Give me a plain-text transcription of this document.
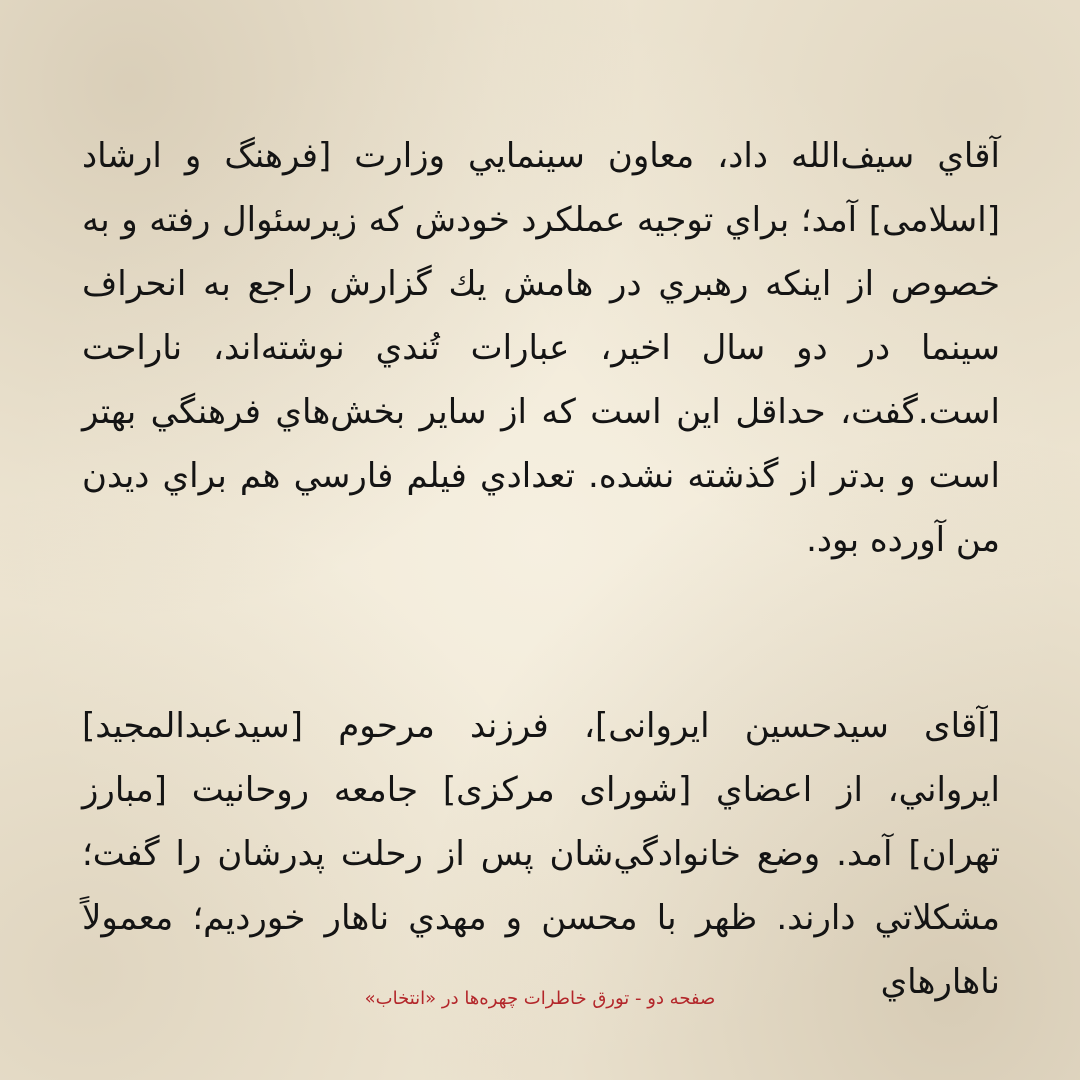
آقاي سيف‌الله داد، معاون سينمايي وزارت [فرهنگ و ارشاد [اسلامی] آمد؛ براي توجيه عملكرد خودش كه زيرسئوال رفته و به خصوص از اينكه رهبري در هامش يك گزارش راجع به انحراف سينما در دو سال اخير، عبارات تُندي نوشته‌اند، ناراحت است.گفت، حداقل اين است كه از ساير بخش‌هاي فرهنگي بهتر است و بدتر از گذشته نشده. تعدادي فيلم فارسي هم براي ديدن من آورده بود.

[آقای سیدحسین ایروانی]، فرزند مرحوم [سیدعبدالمجید] ايرواني، از اعضاي [شورای مرکزی] جامعه روحانيت [مبارز تهران] آمد. وضع خانوادگي‌شان پس از رحلت پدرشان را گفت؛ مشكلاتي دارند. ظهر با محسن و مهدي ناهار خورديم؛ معمولاً ناهارهاي

صفحه دو - تورق خاطرات چهره‌ها در «انتخاب»
